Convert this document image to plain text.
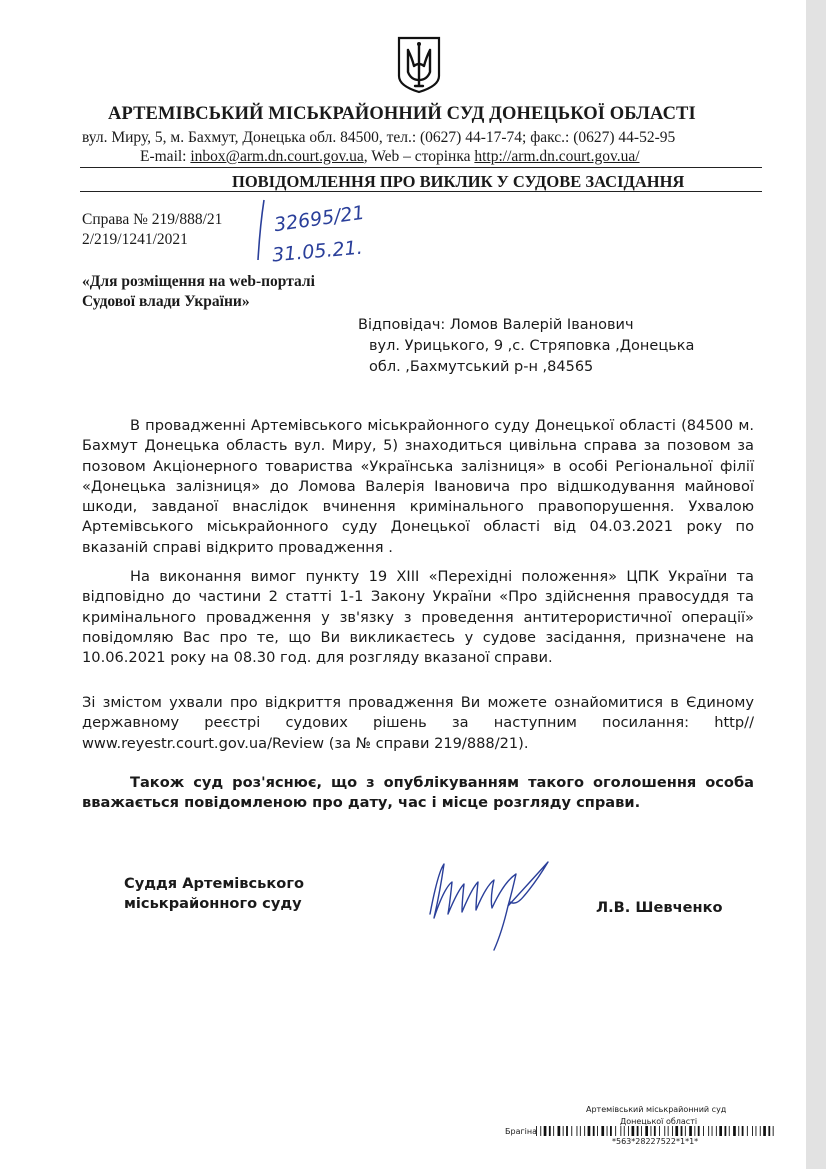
АРТЕМІВСЬКИЙ МІСЬКРАЙОННИЙ СУД ДОНЕЦЬКОЇ ОБЛАСТІ
вул. Миру, 5, м. Бахмут, Донецька обл. 84500, тел.: (0627) 44-17-74; факс.: (0627) 44-52-95
E-mail: inbox@arm.dn.court.gov.ua, Web – сторінка http://arm.dn.court.gov.ua/
ПОВІДОМЛЕННЯ ПРО ВИКЛИК У СУДОВЕ ЗАСІДАННЯ
Справа № 219/888/21
2/219/1241/2021
32695/21
31.05.21.
«Для розміщення на web-порталі
Судової влади України»
Відповідач: Ломов Валерій Іванович
вул. Урицького, 9 ,с. Стряповка ,Донецька
обл. ,Бахмутський р-н ,84565
В провадженні Артемівського міськрайонного суду Донецької області (84500 м. Бахмут Донецька область вул. Миру, 5) знаходиться цивільна справа за позовом за позовом Акціонерного товариства «Українська залізниця» в особі Регіональної філії «Донецька залізниця» до Ломова Валерія Івановича про відшкодування майнової шкоди, завданої внаслідок вчинення кримінального правопорушення. Ухвалою Артемівського міськрайонного суду Донецької області від 04.03.2021 року по вказаній справі відкрито провадження .
На виконання вимог пункту 19 XIII «Перехідні положення» ЦПК України та відповідно до частини 2 статті 1-1 Закону України «Про здійснення правосуддя та кримінального провадження у зв'язку з проведення антитерористичної операції» повідомляю Вас про те, що Ви викликаєтесь у судове засідання, призначене на 10.06.2021 року на 08.30 год. для розгляду вказаної справи.
Зі змістом ухвали про відкриття провадження Ви можете ознайомитися в Єдиному державному реєстрі судових рішень за наступним посилання: http// www.reyestr.court.gov.ua/Review (за № справи 219/888/21).
Також суд роз'яснює, що з опублікуванням такого оголошення особа вважається повідомленою про дату, час і місце розгляду справи.
Суддя Артемівського
міськрайонного суду	Л.В. Шевченко
Артемівський міськрайонний суд
Донецької області
Брагіна
*563*28227522*1*1*
